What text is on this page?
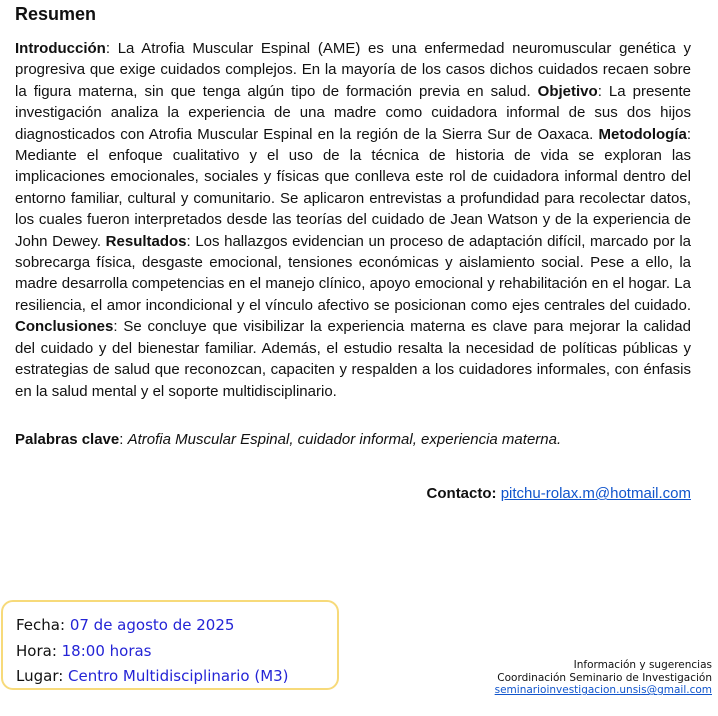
Resumen

Introducción: La Atrofia Muscular Espinal (AME) es una enfermedad neuromuscular genética y progresiva que exige cuidados complejos. En la mayoría de los casos dichos cuidados recaen sobre la figura materna, sin que tenga algún tipo de formación previa en salud. Objetivo: La presente investigación analiza la experiencia de una madre como cuidadora informal de sus dos hijos diagnosticados con Atrofia Muscular Espinal en la región de la Sierra Sur de Oaxaca. Metodología: Mediante el enfoque cualitativo y el uso de la técnica de historia de vida se exploran las implicaciones emocionales, sociales y físicas que conlleva este rol de cuidadora informal dentro del entorno familiar, cultural y comunitario. Se aplicaron entrevistas a profundidad para recolectar datos, los cuales fueron interpretados desde las teorías del cuidado de Jean Watson y de la experiencia de John Dewey. Resultados: Los hallazgos evidencian un proceso de adaptación difícil, marcado por la sobrecarga física, desgaste emocional, tensiones económicas y aislamiento social. Pese a ello, la madre desarrolla competencias en el manejo clínico, apoyo emocional y rehabilitación en el hogar. La resiliencia, el amor incondicional y el vínculo afectivo se posicionan como ejes centrales del cuidado. Conclusiones: Se concluye que visibilizar la experiencia materna es clave para mejorar la calidad del cuidado y del bienestar familiar. Además, el estudio resalta la necesidad de políticas públicas y estrategias de salud que reconozcan, capaciten y respalden a los cuidadores informales, con énfasis en la salud mental y el soporte multidisciplinario.

Palabras clave: Atrofia Muscular Espinal, cuidador informal, experiencia materna.

Contacto: pitchu-rolax.m@hotmail.com
Fecha: 07 de agosto de 2025
Hora: 18:00 horas
Lugar: Centro Multidisciplinario (M3)
Información y sugerencias
Coordinación Seminario de Investigación
seminarioinvestigacion.unsis@gmail.com
